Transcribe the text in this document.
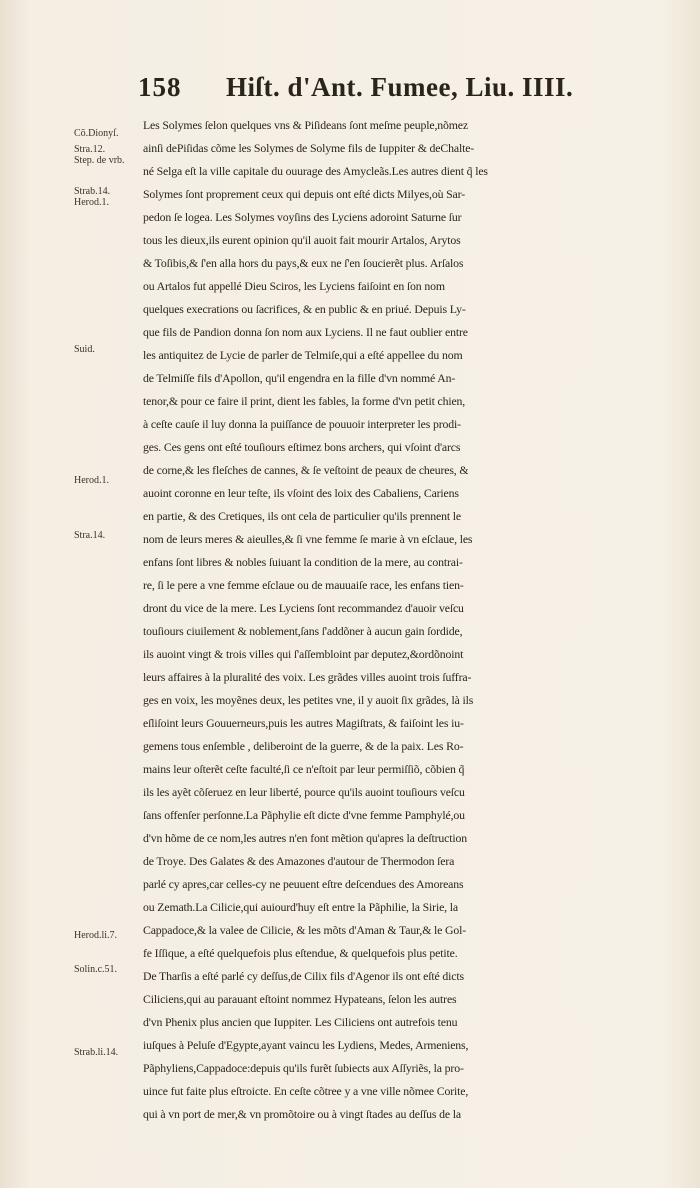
158 Hiſt. d'Ant. Fumee, Liu. IIII.
Cõ.Dionyſ.
Stra.12.
Step. de vrb.
Strab.14.
Herod.1.
Suid.
Herod.1.
Stra.14.
Herod.li.7.
Solin.c.51.
Strab.li.14.
Les Solymes ſelon quelques vns & Piſideans ſont meſme peuple,nõmez
ainſi dePiſidas cõme les Solymes de Solyme fils de Iuppiter & deChalte-
né Selga eſt la ville capitale du ouurage des Amycleãs.Les autres dient q̃ les
Solymes ſont proprement ceux qui depuis ont eſté dicts Milyes,où Sar-
pedon ſe logea. Les Solymes voyſins des Lyciens adoroint Saturne ſur
tous les dieux,ils eurent opinion qu'il auoit fait mourir Artalos, Arytos
& Toſibis,& ſ'en alla hors du pays,& eux ne ſ'en ſoucierẽt plus. Arſalos
ou Artalos fut appellé Dieu Sciros, les Lyciens faiſoint en ſon nom
quelques execrations ou ſacrifices, & en public & en priué. Depuis Ly-
que fils de Pandion donna ſon nom aux Lyciens. Il ne faut oublier entre
les antiquitez de Lycie de parler de Telmiſe,qui a eſté appellee du nom
de Telmiſſe fils d'Apollon, qu'il engendra en la fille d'vn nommé An-
tenor,& pour ce faire il print, dient les fables, la forme d'vn petit chien,
à ceſte cauſe il luy donna la puiſſance de pouuoir interpreter les prodi-
ges. Ces gens ont eſté touſiours eſtimez bons archers, qui vſoint d'arcs
de corne,& les fleſches de cannes, & ſe veſtoint de peaux de cheures, &
auoint coronne en leur teſte, ils vſoint des loix des Cabaliens, Cariens
en partie, & des Cretiques, ils ont cela de particulier qu'ils prennent le
nom de leurs meres & aieulles,& ſi vne femme ſe marie à vn eſclaue, les
enfans ſont libres & nobles ſuiuant la condition de la mere, au contrai-
re, ſi le pere a vne femme eſclaue ou de mauuaiſe race, les enfans tien-
dront du vice de la mere. Les Lyciens ſont recommandez d'auoir veſcu
touſiours ciuilement & noblement,ſans ſ'addõner à aucun gain ſordide,
ils auoint vingt & trois villes qui ſ'aſſembloint par deputez,&ordõnoint
leurs affaires à la pluralité des voix. Les grãdes villes auoint trois ſuffra-
ges en voix, les moyẽnes deux, les petites vne, il y auoit ſix grãdes, là ils
eſliſoint leurs Gouuerneurs,puis les autres Magiſtrats, & faiſoint les iu-
gemens tous enſemble , deliberoint de la guerre, & de la paix. Les Ro-
mains leur oſterẽt ceſte faculté,ſi ce n'eſtoit par leur permiſſiõ, cõbien q̃
ils les ayẽt cõſeruez en leur liberté, pource qu'ils auoint touſiours veſcu
ſans offenſer perſonne.La Pãphylie eſt dicte d'vne femme Pamphylé,ou
d'vn hõme de ce nom,les autres n'en font mẽtion qu'apres la deſtruction
de Troye. Des Galates & des Amazones d'autour de Thermodon ſera
parlé cy apres,car celles-cy ne peuuent eſtre deſcendues des Amoreans
ou Zemath.La Cilicie,qui auiourd'huy eſt entre la Pãphilie, la Sirie, la
Cappadoce,& la valee de Cilicie, & les mõts d'Aman & Taur,& le Gol-
fe Iſſique, a eſté quelquefois plus eſtendue, & quelquefois plus petite.
De Tharſis a eſté parlé cy deſſus,de Cilix fils d'Agenor ils ont eſté dicts
Ciliciens,qui au parauant eſtoint nommez Hypateans, ſelon les autres
d'vn Phenix plus ancien que Iuppiter. Les Ciliciens ont autrefois tenu
iuſques à Peluſe d'Egypte,ayant vaincu les Lydiens, Medes, Armeniens,
Pãphyliens,Cappadoce:depuis qu'ils furẽt ſubiects aux Aſſyriẽs, la pro-
uince fut faite plus eſtroicte. En ceſte cõtree y a vne ville nõmee Corite,
qui à vn port de mer,& vn promõtoire ou à vingt ſtades au deſſus de la
